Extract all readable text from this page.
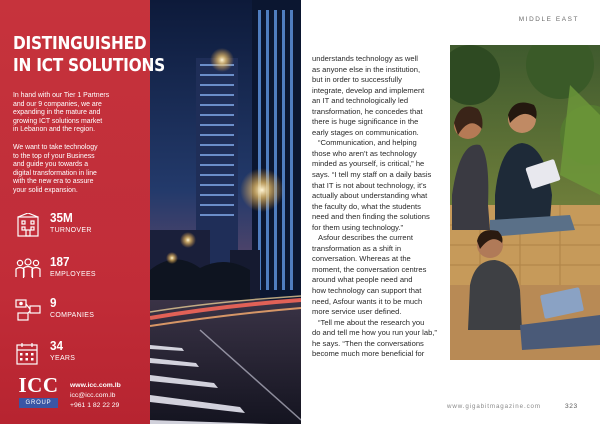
DISTINGUISHED
IN ICT SOLUTIONS
In hand with our Tier 1 Partners
and our 9 companies, we are
expanding in the mature and
growing ICT solutions market
in Lebanon and the region.
We want to take technology
to the top of your Business
and guide you towards a
digital transformation in line
with the new era to assure
your solid expansion.
35M
TURNOVER
187
EMPLOYEES
9
COMPANIES
34
YEARS
ICC
GROUP
www.icc.com.lb
icc@icc.com.lb
+961 1 82 22 29
MIDDLE EAST

understands technology as well
as anyone else in the institution,
but in order to successfully
integrate, develop and implement
an IT and technologically led
transformation, he concedes that
there is huge significance in the
early stages on communication.
“Communication, and helping
those who aren’t as technology
minded as yourself, is critical,” he
says. “I tell my staff on a daily basis
that IT is not about technology, it’s
actually about understanding what
the faculty do, what the students
need and then finding the solutions
for them using technology.”
Asfour describes the current
transformation as a shift in
conversation. Whereas at the
moment, the conversation centres
around what people need and
how technology can support that
need, Asfour wants it to be much
more service user defined.
“Tell me about the research you
do and tell me how you run your lab,”
he says. “Then the conversations
become much more beneficial for

www.gigabitmagazine.com	323
